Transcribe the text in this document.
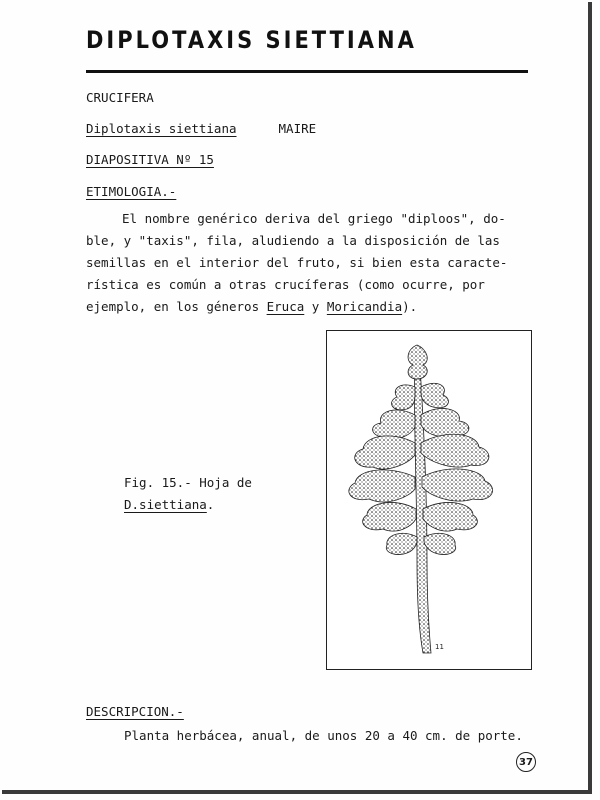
DIPLOTAXIS SIETTIANA
CRUCIFERA
Diplotaxis siettiana	MAIRE
DIAPOSITIVA Nº 15
ETIMOLOGIA.-
El nombre genérico deriva del griego "diploos", do-
ble, y "taxis", fila, aludiendo a la disposición de las
semillas en el interior del fruto, si bien esta caracte-
rística es común a otras crucíferas (como ocurre, por
ejemplo, en los géneros Eruca y Moricandia).
Fig. 15.- Hoja de
D.siettiana.
11
DESCRIPCION.-
Planta herbácea, anual, de unos 20 a 40 cm. de porte.
37
